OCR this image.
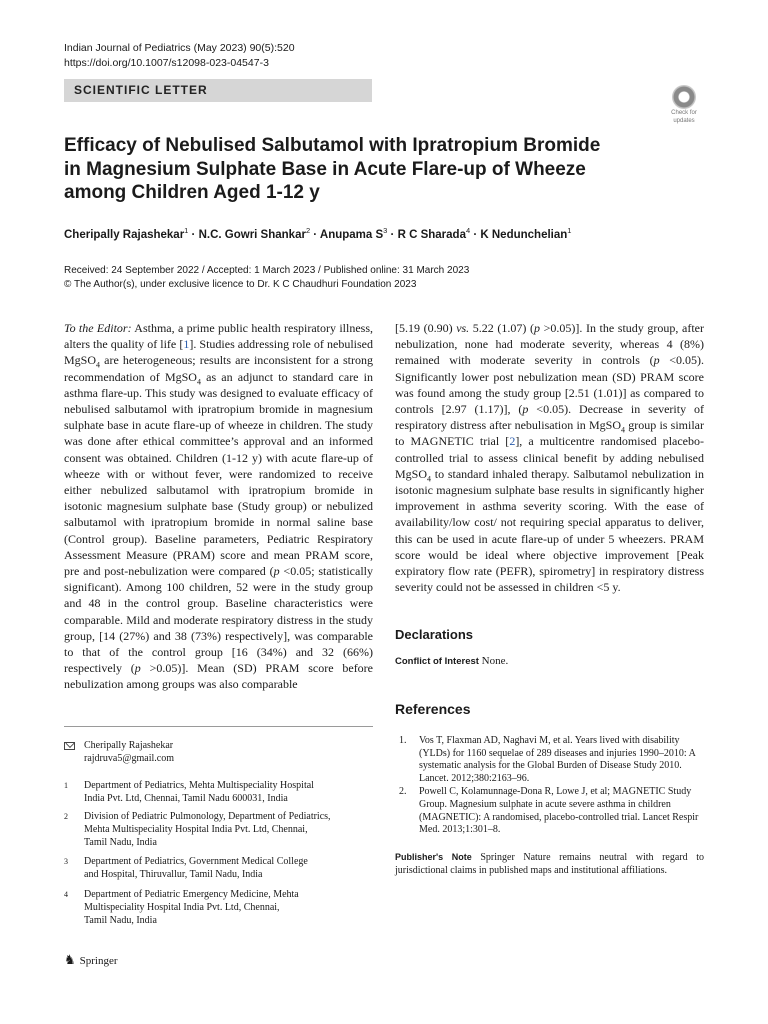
Indian Journal of Pediatrics (May 2023) 90(5):520
https://doi.org/10.1007/s12098-023-04547-3
SCIENTIFIC LETTER
Check for
updates
Efficacy of Nebulised Salbutamol with Ipratropium Bromide
in Magnesium Sulphate Base in Acute Flare-up of Wheeze
among Children Aged 1-12 y
Cheripally Rajashekar$^1$ · N.C. Gowri Shankar$^2$ · Anupama $S^3 \cdot R$ C Sharada$^4$ · K Nedunchelian$^1$
Received: 24 September 2022 / Accepted: 1 March 2023 / Published online: 31 March 2023
© The Author(s), under exclusive licence to Dr. K C Chaudhuri Foundation 2023

To the Editor: Asthma, a prime public health respiratory illness, alters the quality of life [1]. Studies addressing role of nebulised MgSO$_4$ are heterogeneous; results are inconsistent for a strong recommendation of MgSO$_4$ as an adjunct to standard care in asthma flare-up. This study was designed to evaluate efficacy of nebulised salbutamol with ipratropium bromide in magnesium sulphate base in acute flare-up of wheeze in children. The study was done after ethical committee’s approval and an informed consent was obtained. Children (1-12 y) with acute flare-up of wheeze with or without fever, were randomized to receive either nebulized salbutamol with ipratropium bromide in isotonic magnesium sulphate base (Study group) or nebulized salbutamol with ipratropium bromide in normal saline base (Control group). Baseline parameters, Pediatric Respiratory Assessment Measure (PRAM) score and mean PRAM score, pre and post-nebulization were compared (p <0.05; statistically significant). Among 100 children, 52 were in the study group and 48 in the control group. Baseline characteristics were comparable. Mild and moderate respiratory distress in the study group, [14 (27%) and 38 (73%) respectively], was comparable to that of the control group [16 (34%) and 32 (66%) respectively (p >0.05)]. Mean (SD) PRAM score before nebulization among groups was also comparable

[5.19 (0.90) vs. 5.22 (1.07) (p >0.05)]. In the study group, after nebulization, none had moderate severity, whereas 4 (8%) remained with moderate severity in controls (p <0.05). Significantly lower post nebulization mean (SD) PRAM score was found among the study group [2.51 (1.01)] as compared to controls [2.97 (1.17)], (p <0.05). Decrease in severity of respiratory distress after nebulisation in MgSO$_4$ group is similar to MAGNETIC trial [2], a multicentre randomised placebo-controlled trial to assess clinical benefit by adding nebulised MgSO$_4$ to standard inhaled therapy. Salbutamol nebulization in isotonic magnesium sulphate base results in significantly higher improvement in asthma severity scoring. With the ease of availability/low cost/ not requiring special apparatus to deliver, this can be used in acute flare-up of under 5 wheezers. PRAM score would be ideal where objective improvement [Peak expiratory flow rate (PEFR), spirometry] in respiratory distress severity could not be assessed in children <5 y.

Declarations
Conflict of Interest None.
References
1.	Vos T, Flaxman AD, Naghavi M, et al. Years lived with disability (YLDs) for 1160 sequelae of 289 diseases and injuries 1990–2010: A systematic analysis for the Global Burden of Disease Study 2010. Lancet. 2012;380:2163–96.
2.	Powell C, Kolamunnage-Dona R, Lowe J, et al; MAGNETIC Study Group. Magnesium sulphate in acute severe asthma in children (MAGNETIC): A randomised, placebo-controlled trial. Lancet Respir Med. 2013;1:301–8.
Publisher's Note Springer Nature remains neutral with regard to jurisdictional claims in published maps and institutional affiliations.
Cheripally Rajashekar
rajdruva5@gmail.com
1 Department of Pediatrics, Mehta Multispeciality Hospital
India Pvt. Ltd, Chennai, Tamil Nadu 600031, India
2 Division of Pediatric Pulmonology, Department of Pediatrics,
Mehta Multispeciality Hospital India Pvt. Ltd, Chennai,
Tamil Nadu, India
3 Department of Pediatrics, Government Medical College
and Hospital, Thiruvallur, Tamil Nadu, India
4 Department of Pediatric Emergency Medicine, Mehta
Multispeciality Hospital India Pvt. Ltd, Chennai,
Tamil Nadu, India
♞ Springer
